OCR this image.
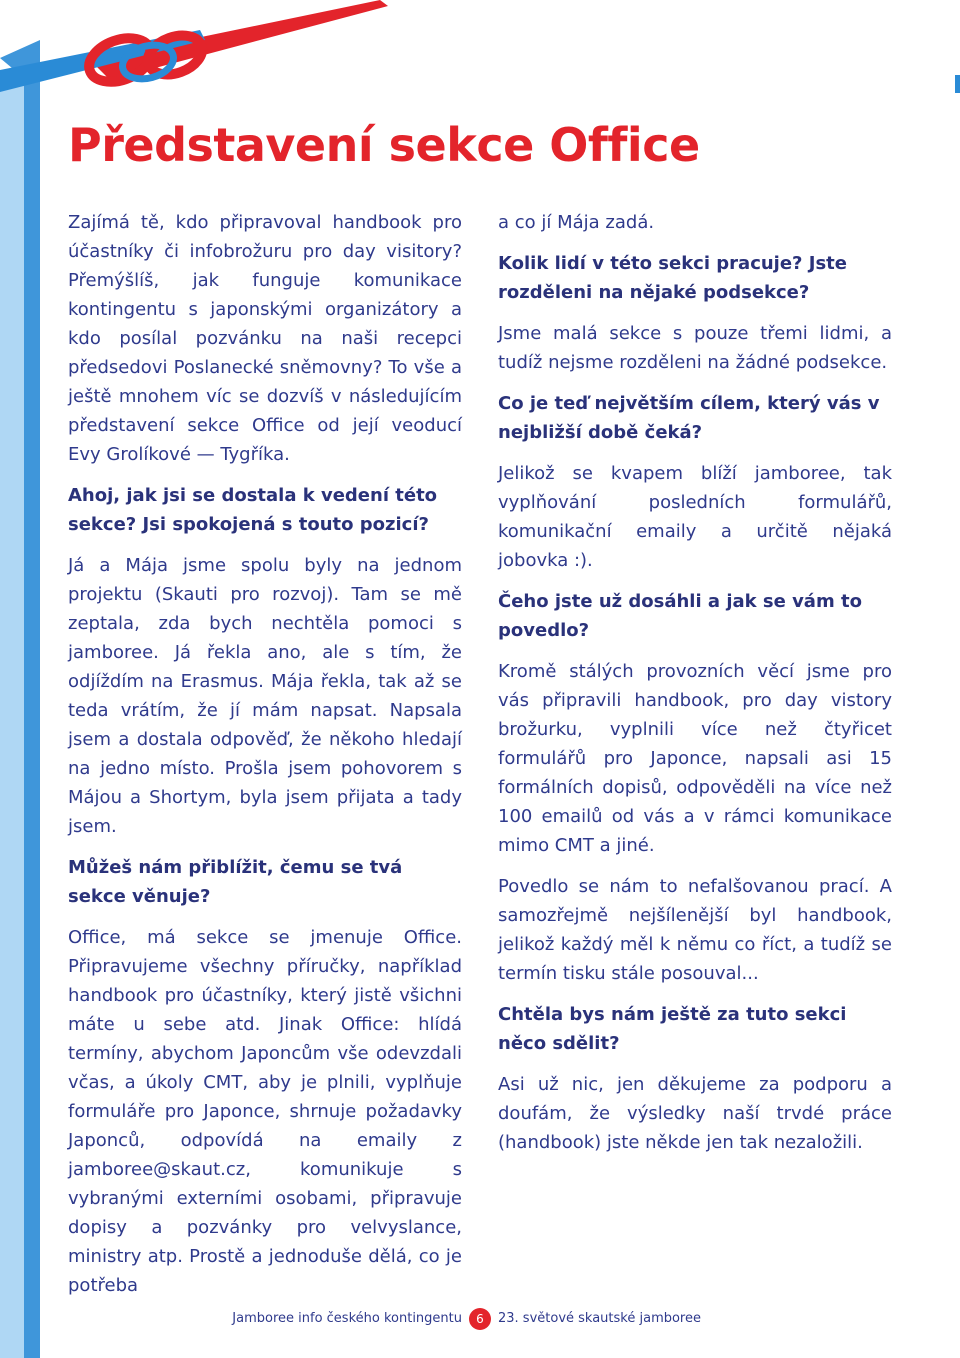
Představení sekce Office

Zajímá tě, kdo připravoval handbook pro účastníky či infobrožuru pro day visitory? Přemýšlíš, jak funguje komunikace kontingentu s japonskými organizátory a kdo posílal pozvánku na naši recepci předsedovi Poslanecké sněmovny? To vše a ještě mnohem víc se dozvíš v následujícím představení sekce Office od její veoducí Evy Grolíkové — Tygříka.

Ahoj, jak jsi se dostala k vedení této sekce? Jsi spokojená s touto pozicí?

Já a Mája jsme spolu byly na jednom projektu (Skauti pro rozvoj). Tam se mě zeptala, zda bych nechtěla pomoci s jamboree. Já řekla ano, ale s tím, že odjíždím na Erasmus. Mája řekla, tak až se teda vrátím, že jí mám napsat. Napsala jsem a dostala odpověď, že někoho hledají na jedno místo. Prošla jsem pohovorem s Májou a Shortym, byla jsem přijata a tady jsem.

Můžeš nám přiblížit, čemu se tvá sekce věnuje?

Office, má sekce se jmenuje Office. Připravujeme všechny příručky, například handbook pro účastníky, který jistě všichni máte u sebe atd. Jinak Office: hlídá termíny, abychom Japoncům vše odevzdali včas, a úkoly CMT, aby je plnili, vyplňuje formuláře pro Japonce, shrnuje požadavky Japonců, odpovídá na emaily z jamboree@skaut.cz, komunikuje s vybranými externími osobami, připravuje dopisy a pozvánky pro velvyslance, ministry atp. Prostě a jednoduše dělá, co je potřeba

a co jí Mája zadá.

Kolik lidí v této sekci pracuje? Jste rozděleni na nějaké podsekce?

Jsme malá sekce s pouze třemi lidmi, a tudíž nejsme rozděleni na žádné podsekce.

Co je teď největším cílem, který vás v nejbližší době čeká?

Jelikož se kvapem blíží jamboree, tak vyplňování posledních formulářů, komunikační emaily a určitě nějaká jobovka :).

Čeho jste už dosáhli a jak se vám to povedlo?

Kromě stálých provozních věcí jsme pro vás připravili handbook, pro day vistory brožurku, vyplnili více než čtyřicet formulářů pro Japonce, napsali asi 15 formálních dopisů, odpověděli na více než 100 emailů od vás a v rámci komunikace mimo CMT a jiné.

Povedlo se nám to nefalšovanou prací. A samozřejmě nejšílenější byl handbook, jelikož každý měl k němu co říct, a tudíž se termín tisku stále posouval...

Chtěla bys nám ještě za tuto sekci něco sdělit?

Asi už nic, jen děkujeme za podporu a doufám, že výsledky naší trvdé práce (handbook) jste někde jen tak nezaložili.

Jamboree info českého kontingentu	6	23. světové skautské jamboree
